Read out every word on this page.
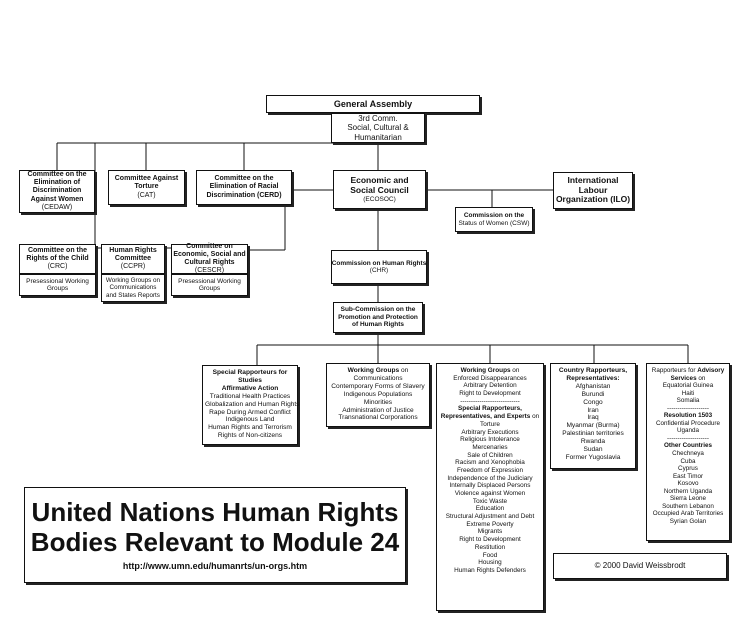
General Assembly
3rd Comm.
Social, Cultural &
Humanitarian
Committee on the
Elimination of
Discrimination
Against Women
(CEDAW)
Committee Against
Torture
(CAT)
Committee on the
Elimination of Racial
Discrimination (CERD)
Economic and
Social Council
(ECOSOC)
International
Labour
Organization (ILO)
Commission on the
Status of Women (CSW)
Committee on the
Rights of the Child
(CRC)
Presessional Working
Groups
Human Rights
Committee
(CCPR)
Working Groups on
Communications
and States Reports
Committee on
Economic, Social and
Cultural Rights
(CESCR)
Presessional Working
Groups
Commission on Human Rights
(CHR)
Sub-Commission on the
Promotion and Protection
of Human Rights
Special Rapporteurs for
Studies
Affirmative Action
Traditional Health Practices
Globalization and Human Rights
Rape During Armed Conflict
Indigenous Land
Human Rights and Terrorism
Rights of Non-citizens
Working Groups on
Communications
Contemporary Forms of Slavery
Indigenous Populations
Minorities
Administration of Justice
Transnational Corporations
Working Groups on
Enforced Disappearances
Arbitrary Detention
Right to Development
----------------------------
Special Rapporteurs,
Representatives, and Experts on
Torture
Arbitrary Executions
Religious Intolerance
Mercenaries
Sale of Children
Racism and Xenophobia
Freedom of Expression
Independence of the Judiciary
Internally Displaced Persons
Violence against Women
Toxic Waste
Education
Structural Adjustment and Debt
Extreme Poverty
Migrants
Right to Development
Restitution
Food
Housing
Human Rights Defenders
Country Rapporteurs,
Representatives:
Afghanistan
Burundi
Congo
Iran
Iraq
Myanmar (Burma)
Palestinian territories
Rwanda
Sudan
Former Yugoslavia
Rapporteurs for Advisory
Services on
Equatorial Guinea
Haiti
Somalia
--------------------
Resolution 1503
Confidential Procedure
Uganda
--------------------
Other Countries
Chechneya
Cuba
Cyprus
East Timor
Kosovo
Northern Uganda
Sierra Leone
Southern Lebanon
Occupied Arab Territories
Syrian Golan
© 2000 David Weissbrodt
United Nations Human Rights
Bodies Relevant to Module 24
http://www.umn.edu/humanrts/un-orgs.htm
